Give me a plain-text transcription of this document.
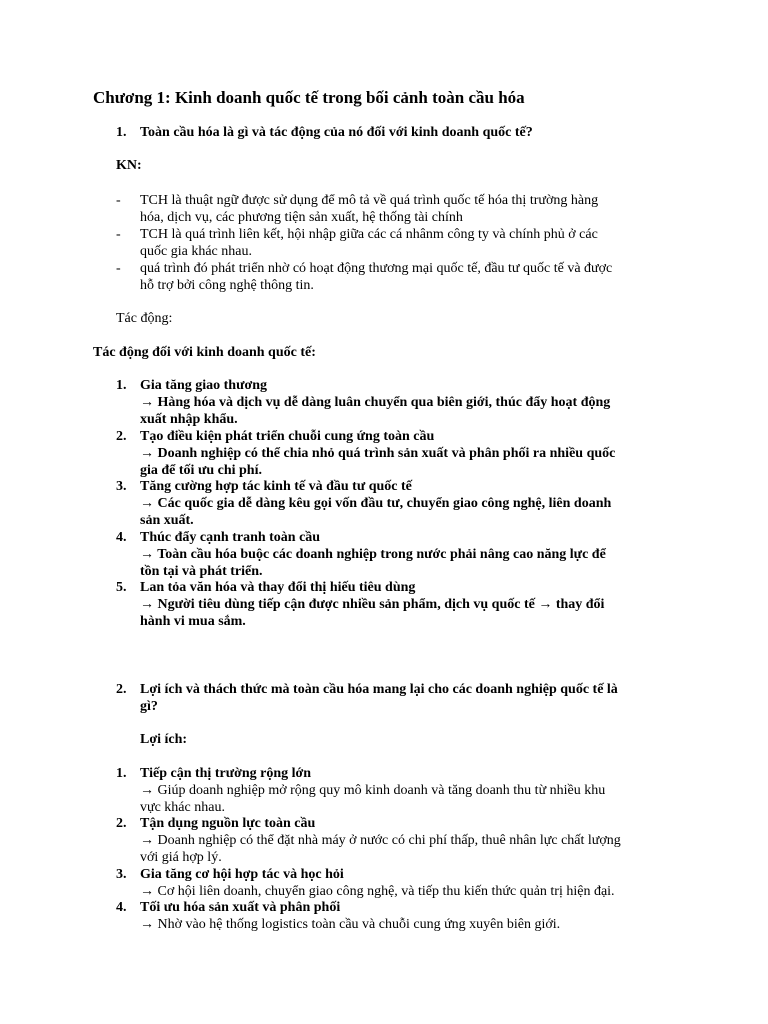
Chương 1: Kinh doanh quốc tế trong bối cảnh toàn cầu hóa
1. Toàn cầu hóa là gì và tác động của nó đối với kinh doanh quốc tế?
KN:
- TCH là thuật ngữ được sử dụng để mô tả về quá trình quốc tế hóa thị trường hàng
hóa, dịch vụ, các phương tiện sản xuất, hệ thống tài chính
- TCH là quá trình liên kết, hội nhập giữa các cá nhânm công ty và chính phủ ở các
quốc gia khác nhau.
- quá trình đó phát triển nhờ có hoạt động thương mại quốc tế, đầu tư quốc tế và được
hỗ trợ bởi công nghệ thông tin.
Tác động:
Tác động đối với kinh doanh quốc tế:
1. Gia tăng giao thương
→ Hàng hóa và dịch vụ dễ dàng luân chuyển qua biên giới, thúc đẩy hoạt động
xuất nhập khẩu.
2. Tạo điều kiện phát triển chuỗi cung ứng toàn cầu
→ Doanh nghiệp có thể chia nhỏ quá trình sản xuất và phân phối ra nhiều quốc
gia để tối ưu chi phí.
3. Tăng cường hợp tác kinh tế và đầu tư quốc tế
→ Các quốc gia dễ dàng kêu gọi vốn đầu tư, chuyển giao công nghệ, liên doanh
sản xuất.
4. Thúc đẩy cạnh tranh toàn cầu
→ Toàn cầu hóa buộc các doanh nghiệp trong nước phải nâng cao năng lực để
tồn tại và phát triển.
5. Lan tỏa văn hóa và thay đổi thị hiếu tiêu dùng
→ Người tiêu dùng tiếp cận được nhiều sản phẩm, dịch vụ quốc tế → thay đổi
hành vi mua sắm.
2. Lợi ích và thách thức mà toàn cầu hóa mang lại cho các doanh nghiệp quốc tế là
gì?
Lợi ích:
1. Tiếp cận thị trường rộng lớn
→ Giúp doanh nghiệp mở rộng quy mô kinh doanh và tăng doanh thu từ nhiều khu
vực khác nhau.
2. Tận dụng nguồn lực toàn cầu
→ Doanh nghiệp có thể đặt nhà máy ở nước có chi phí thấp, thuê nhân lực chất lượng
với giá hợp lý.
3. Gia tăng cơ hội hợp tác và học hỏi
→ Cơ hội liên doanh, chuyển giao công nghệ, và tiếp thu kiến thức quản trị hiện đại.
4. Tối ưu hóa sản xuất và phân phối
→ Nhờ vào hệ thống logistics toàn cầu và chuỗi cung ứng xuyên biên giới.
